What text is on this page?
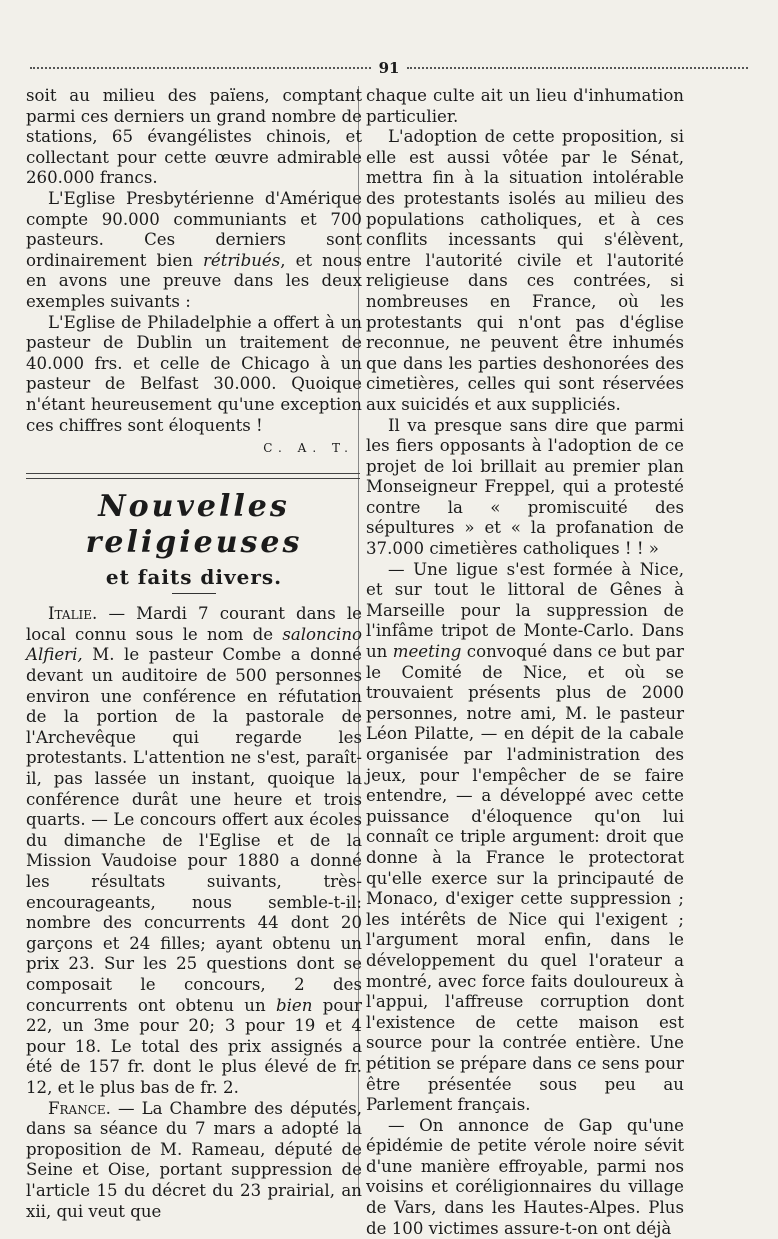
91

soit au milieu des païens, comptant parmi ces derniers un grand nombre de stations, 65 évangélistes chinois, et collectant pour cette œuvre admirable 260.000 francs.

L'Eglise Presbytérienne d'Amérique compte 90.000 communiants et 700 pasteurs. Ces derniers sont ordinairement bien rétribués, et nous en avons une preuve dans les deux exemples suivants :

L'Eglise de Philadelphie a offert à un pasteur de Dublin un traitement de 40.000 frs. et celle de Chicago à un pasteur de Belfast 30.000. Quoique n'étant heureusement qu'une exception ces chiffres sont éloquents !

C. A. T.

Nouvelles religieuses
et faits divers.

Italie. — Mardi 7 courant dans le local connu sous le nom de saloncino Alfieri, M. le pasteur Combe a donné devant un auditoire de 500 personnes environ une conférence en réfutation de la portion de la pastorale de l'Archevêque qui regarde les protestants. L'attention ne s'est, paraît-il, pas lassée un instant, quoique la conférence durât une heure et trois quarts. — Le concours offert aux écoles du dimanche de l'Eglise et de la Mission Vaudoise pour 1880 a donné les résultats suivants, très-encourageants, nous semble-t-il: nombre des concurrents 44 dont 20 garçons et 24 filles; ayant obtenu un prix 23. Sur les 25 questions dont se composait le concours, 2 des concurrents ont obtenu un bien pour 22, un 3me pour 20; 3 pour 19 et 4 pour 18. Le total des prix assignés a été de 157 fr. dont le plus élevé de fr. 12, et le plus bas de fr. 2.

France. — La Chambre des députés, dans sa séance du 7 mars a adopté la proposition de M. Rameau, député de Seine et Oise, portant suppression de l'article 15 du décret du 23 prairial, an xii, qui veut que

chaque culte ait un lieu d'inhumation particulier.

L'adoption de cette proposition, si elle est aussi vôtée par le Sénat, mettra fin à la situation intolérable des protestants isolés au milieu des populations catholiques, et à ces conflits incessants qui s'élèvent, entre l'autorité civile et l'autorité religieuse dans ces contrées, si nombreuses en France, où les protestants qui n'ont pas d'église reconnue, ne peuvent être inhumés que dans les parties deshonorées des cimetières, celles qui sont réservées aux suicidés et aux suppliciés.

Il va presque sans dire que parmi les fiers opposants à l'adoption de ce projet de loi brillait au premier plan Monseigneur Freppel, qui a protesté contre la « promiscuité des sépultures » et « la profanation de 37.000 cimetières catholiques ! ! »

— Une ligue s'est formée à Nice, et sur tout le littoral de Gênes à Marseille pour la suppression de l'infâme tripot de Monte-Carlo. Dans un meeting convoqué dans ce but par le Comité de Nice, et où se trouvaient présents plus de 2000 personnes, notre ami, M. le pasteur Léon Pilatte, — en dépit de la cabale organisée par l'administration des jeux, pour l'empêcher de se faire entendre, — a développé avec cette puissance d'éloquence qu'on lui connaît ce triple argument: droit que donne à la France le protectorat qu'elle exerce sur la principauté de Monaco, d'exiger cette suppression ; les intérêts de Nice qui l'exigent ; l'argument moral enfin, dans le développement du quel l'orateur a montré, avec force faits douloureux à l'appui, l'affreuse corruption dont l'existence de cette maison est source pour la contrée entière. Une pétition se prépare dans ce sens pour être présentée sous peu au Parlement français.

— On annonce de Gap qu'une épidémie de petite vérole noire sévit d'une manière effroyable, parmi nos voisins et coréligionnaires du village de Vars, dans les Hautes-Alpes. Plus de 100 victimes assure-t-on ont déjà
